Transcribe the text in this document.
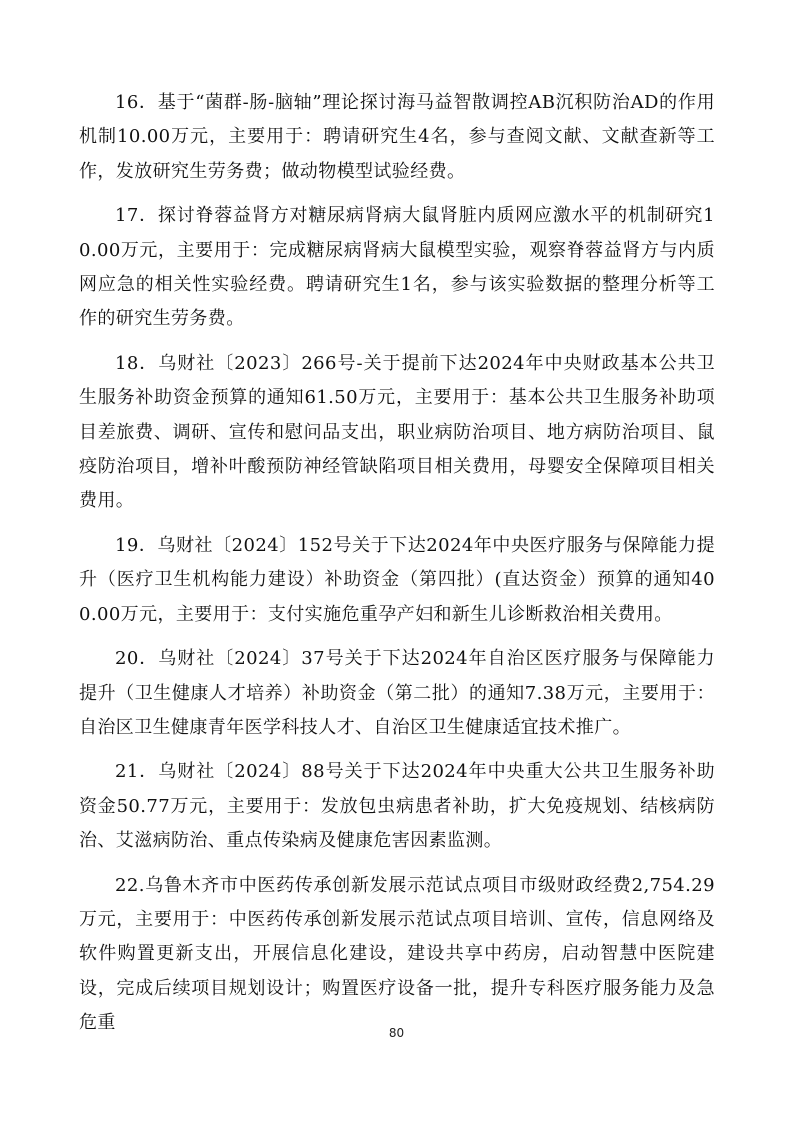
16．基于“菌群-肠-脑轴”理论探讨海马益智散调控AB沉积防治AD的作用机制10.00万元，主要用于：聘请研究生4名，参与查阅文献、文献查新等工作，发放研究生劳务费；做动物模型试验经费。

17．探讨脊蓉益肾方对糖尿病肾病大鼠肾脏内质网应激水平的机制研究10.00万元，主要用于：完成糖尿病肾病大鼠模型实验，观察脊蓉益肾方与内质网应急的相关性实验经费。聘请研究生1名，参与该实验数据的整理分析等工作的研究生劳务费。

18．乌财社〔2023〕266号-关于提前下达2024年中央财政基本公共卫生服务补助资金预算的通知61.50万元，主要用于：基本公共卫生服务补助项目差旅费、调研、宣传和慰问品支出，职业病防治项目、地方病防治项目、鼠疫防治项目，增补叶酸预防神经管缺陷项目相关费用，母婴安全保障项目相关费用。

19．乌财社〔2024〕152号关于下达2024年中央医疗服务与保障能力提升（医疗卫生机构能力建设）补助资金（第四批）(直达资金）预算的通知400.00万元，主要用于：支付实施危重孕产妇和新生儿诊断救治相关费用。

20．乌财社〔2024〕37号关于下达2024年自治区医疗服务与保障能力提升（卫生健康人才培养）补助资金（第二批）的通知7.38万元，主要用于：自治区卫生健康青年医学科技人才、自治区卫生健康适宜技术推广。

21．乌财社〔2024〕88号关于下达2024年中央重大公共卫生服务补助资金50.77万元，主要用于：发放包虫病患者补助，扩大免疫规划、结核病防治、艾滋病防治、重点传染病及健康危害因素监测。

22.乌鲁木齐市中医药传承创新发展示范试点项目市级财政经费2,754.29万元，主要用于：中医药传承创新发展示范试点项目培训、宣传，信息网络及软件购置更新支出，开展信息化建设，建设共享中药房，启动智慧中医院建设，完成后续项目规划设计；购置医疗设备一批，提升专科医疗服务能力及急危重	80
